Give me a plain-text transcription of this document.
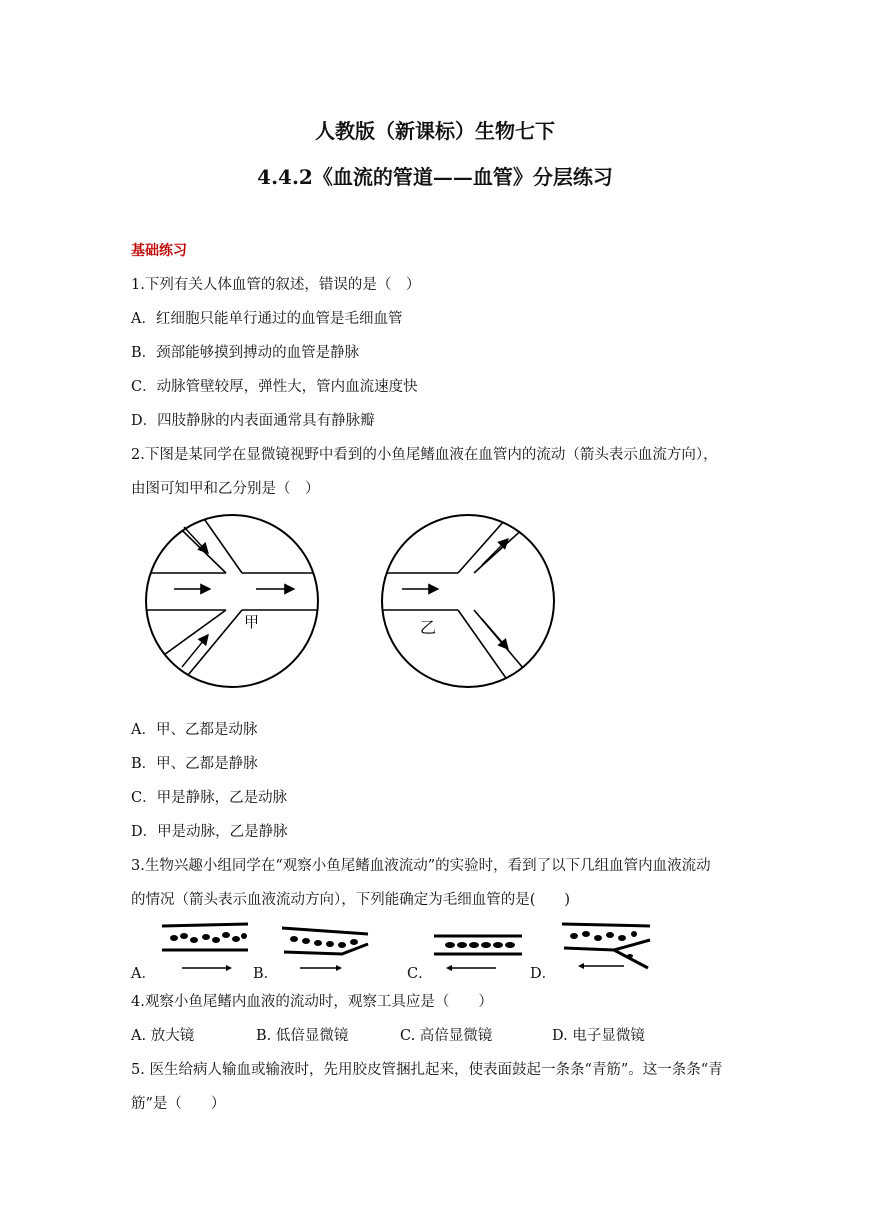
人教版（新课标）生物七下
4.4.2《血流的管道——血管》分层练习
基础练习
1.下列有关人体血管的叙述，错误的是（　）
A．红细胞只能单行通过的血管是毛细血管
B．颈部能够摸到搏动的血管是静脉
C．动脉管壁较厚，弹性大，管内血流速度快
D．四肢静脉的内表面通常具有静脉瓣
2.下图是某同学在显微镜视野中看到的小鱼尾鳍血液在血管内的流动（箭头表示血流方向），
由图可知甲和乙分别是（　）
甲	乙
A．甲、乙都是动脉
B．甲、乙都是静脉
C．甲是静脉，乙是动脉
D．甲是动脉，乙是静脉
3.生物兴趣小组同学在“观察小鱼尾鳍血液流动”的实验时，看到了以下几组血管内血液流动
的情况（箭头表示血液流动方向），下列能确定为毛细血管的是(　　)
A．	B．	C．	D．
4.观察小鱼尾鳍内血液的流动时，观察工具应是（　　）
A. 放大镜	B. 低倍显微镜	C. 高倍显微镜	D. 电子显微镜
5. 医生给病人输血或输液时，先用胶皮管捆扎起来，使表面鼓起一条条“青筋”。这一条条“青
筋”是（　　）
